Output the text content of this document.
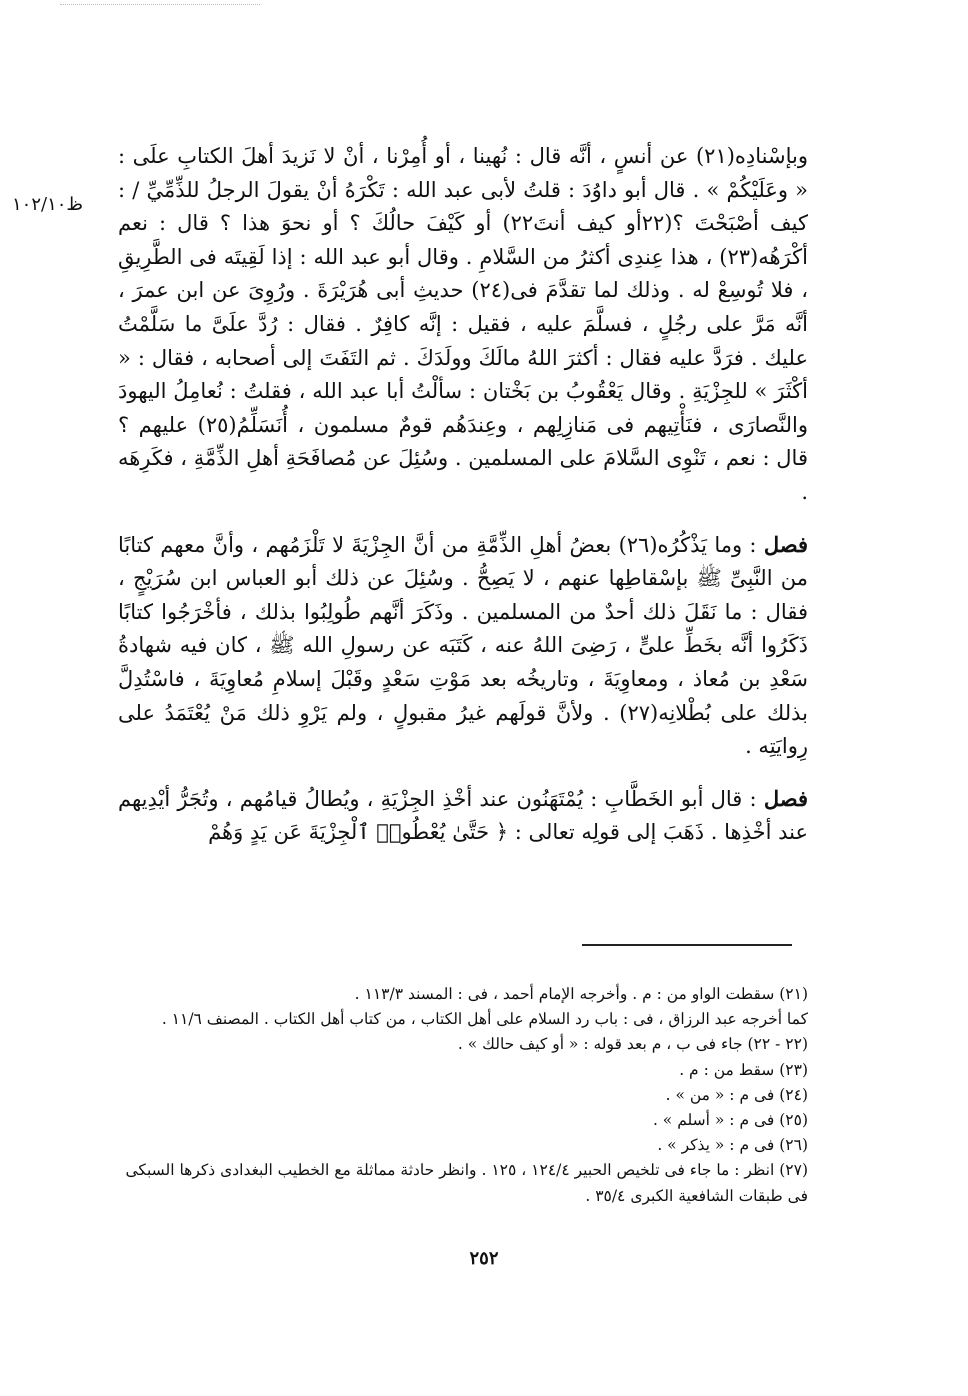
ظ١٠٢/١٠

وبإسْنادِه(٢١) عن أنسٍ ، أنَّه قال : نُهينا ، أو أُمِرْنا ، أنْ لا نَزيدَ أهلَ الكتابِ علَى : « وعَلَيْكُمْ » . قال أبو داوُدَ : قلتُ لأبى عبد الله : تَكْرَهُ أنْ يقولَ الرجلُ للذِّمِّيِّ / : كيف أصْبَحْتَ ؟(٢٢أو كيف أنتَ٢٢) أو كَيْفَ حالُكَ ؟ أو نحوَ هذا ؟ قال : نعم أكْرَهُه(٢٣) ، هذا عِندِى أكثرُ من السَّلامِ . وقال أبو عبد الله : إذا لَقِيتَه فى الطَّرِيقِ ، فلا تُوسِعْ له . وذلك لما تقدَّمَ فى(٢٤) حديثِ أبى هُرَيْرَةَ . ورُوِىَ عن ابن عمرَ ، أنَّه مَرَّ على رجُلٍ ، فسلَّمَ عليه ، فقيل : إنَّه كافِرٌ . فقال : رُدَّ علَىَّ ما سَلَّمْتُ عليك . فرَدَّ عليه فقال : أكثرَ اللهُ مالَكَ وولَدَكَ . ثم التَفَتَ إلى أصحابه ، فقال : « أكْثَرَ » للجِزْيَةِ . وقال يَعْقُوبُ بن بَخْتان : سألْتُ أبا عبد الله ، فقلتُ : نُعامِلُ اليهودَ والنَّصارَى ، فنَأْتِيهم فى مَنازِلِهم ، وعِندَهُم قومٌ مسلمون ، أُنَسَلِّمُ(٢٥) عليهم ؟ قال : نعم ، تَنْوِى السَّلامَ على المسلمين . وسُئِلَ عن مُصافَحَةِ أهلِ الذِّمَّةِ ، فكَرِهَه .

فصل : وما يَذْكُرُه(٢٦) بعضُ أهلِ الذِّمَّةِ من أنَّ الجِزْيَةَ لا تَلْزَمُهم ، وأنَّ معهم كتابًا من النَّبِىِّ ﷺ بإسْقاطِها عنهم ، لا يَصِحُّ . وسُئِلَ عن ذلك أبو العباس ابن سُرَيْجٍ ، فقال : ما نَقَلَ ذلك أحدٌ من المسلمين . وذَكَرَ أنَّهم طُولِبُوا بذلك ، فأخْرَجُوا كتابًا ذَكَرُوا أنَّه بخَطِّ علىٍّ ، رَضِىَ اللهُ عنه ، كَتَبَه عن رسولِ الله ﷺ ، كان فيه شهادةُ سَعْدِ بن مُعاذ ، ومعاوِيَةَ ، وتاريخُه بعد مَوْتِ سَعْدٍ وقَبْلَ إسلامِ مُعاوِيَةَ ، فاسْتُدِلَّ بذلك على بُطْلانِه(٢٧) . ولأنَّ قولَهم غيرُ مقبولٍ ، ولم يَرْوِ ذلك مَنْ يُعْتَمَدُ على رِوايَتِه .

فصل : قال أبو الخَطَّابِ : يُمْتَهَنُون عند أخْذِ الجِزْيَةِ ، ويُطالُ قيامُهم ، وتُجَرُّ أيْدِيهم عند أخْذِها . ذَهَبَ إلى قولِه تعالى : ﴿ حَتَّىٰ يُعْطُوا۟ ٱلْجِزْيَةَ عَن يَدٍ وَهُمْ

(٢١) سقطت الواو من : م . وأخرجه الإمام أحمد ، فى : المسند ١١٣/٣ .

كما أخرجه عبد الرزاق ، فى : باب رد السلام على أهل الكتاب ، من كتاب أهل الكتاب . المصنف ١١/٦ .

(٢٢ - ٢٢) جاء فى ب ، م بعد قوله : « أو كيف حالك » .

(٢٣) سقط من : م .

(٢٤) فى م : « من » .

(٢٥) فى م : « أسلم » .

(٢٦) فى م : « يذكر » .

(٢٧) انظر : ما جاء فى تلخيص الحبير ١٢٤/٤ ، ١٢٥ . وانظر حادثة مماثلة مع الخطيب البغدادى ذكرها السبكى فى طبقات الشافعية الكبرى ٣٥/٤ .

٢٥٢
